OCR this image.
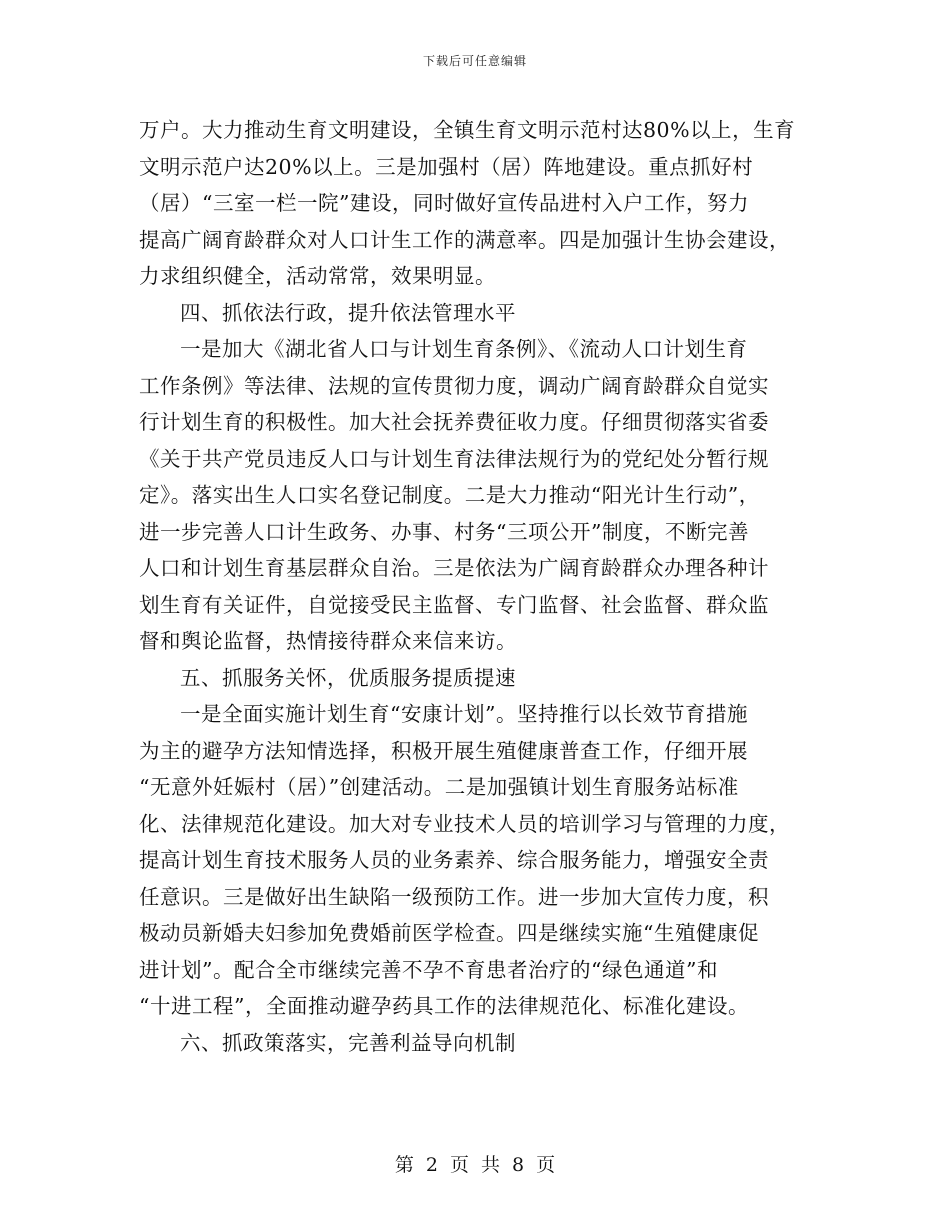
下载后可任意编辑

万户。大力推动生育文明建设，全镇生育文明示范村达80%以上，生育

文明示范户达20%以上。三是加强村（居）阵地建设。重点抓好村

（居）“三室一栏一院”建设，同时做好宣传品进村入户工作，努力

提高广阔育龄群众对人口计生工作的满意率。四是加强计生协会建设，

力求组织健全，活动常常，效果明显。

四、抓依法行政，提升依法管理水平

一是加大《湖北省人口与计划生育条例》、《流动人口计划生育

工作条例》等法律、法规的宣传贯彻力度，调动广阔育龄群众自觉实

行计划生育的积极性。加大社会抚养费征收力度。仔细贯彻落实省委

《关于共产党员违反人口与计划生育法律法规行为的党纪处分暂行规

定》。落实出生人口实名登记制度。二是大力推动“阳光计生行动”，

进一步完善人口计生政务、办事、村务“三项公开”制度，不断完善

人口和计划生育基层群众自治。三是依法为广阔育龄群众办理各种计

划生育有关证件，自觉接受民主监督、专门监督、社会监督、群众监

督和舆论监督，热情接待群众来信来访。

五、抓服务关怀，优质服务提质提速

一是全面实施计划生育“安康计划”。坚持推行以长效节育措施

为主的避孕方法知情选择，积极开展生殖健康普查工作，仔细开展

“无意外妊娠村（居）”创建活动。二是加强镇计划生育服务站标准

化、法律规范化建设。加大对专业技术人员的培训学习与管理的力度，

提高计划生育技术服务人员的业务素养、综合服务能力，增强安全责

任意识。三是做好出生缺陷一级预防工作。进一步加大宣传力度，积

极动员新婚夫妇参加免费婚前医学检查。四是继续实施“生殖健康促

进计划”。配合全市继续完善不孕不育患者治疗的“绿色通道”和

“十进工程”，全面推动避孕药具工作的法律规范化、标准化建设。

六、抓政策落实，完善利益导向机制

第 2 页 共 8 页
